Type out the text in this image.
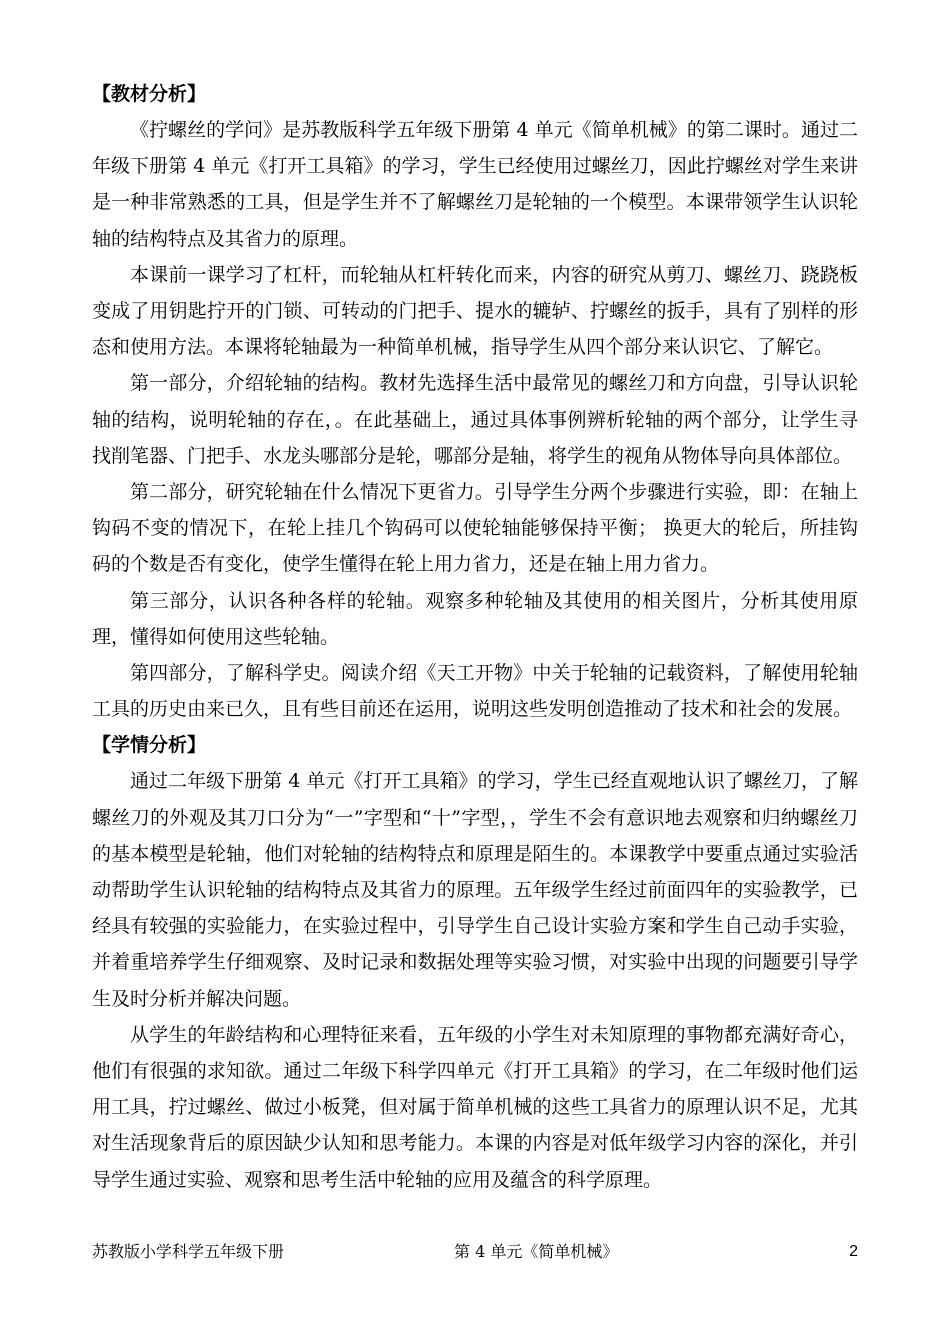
【教材分析】

《拧螺丝的学问》是苏教版科学五年级下册第 4 单元《简单机械》的第二课时。通过二年级下册第 4 单元《打开工具箱》的学习，学生已经使用过螺丝刀，因此拧螺丝对学生来讲是一种非常熟悉的工具，但是学生并不了解螺丝刀是轮轴的一个模型。本课带领学生认识轮轴的结构特点及其省力的原理。

本课前一课学习了杠杆，而轮轴从杠杆转化而来，内容的研究从剪刀、螺丝刀、跷跷板变成了用钥匙拧开的门锁、可转动的门把手、提水的辘轳、拧螺丝的扳手，具有了别样的形态和使用方法。本课将轮轴最为一种简单机械，指导学生从四个部分来认识它、了解它。

第一部分，介绍轮轴的结构。教材先选择生活中最常见的螺丝刀和方向盘，引导认识轮轴的结构，说明轮轴的存在，。在此基础上，通过具体事例辨析轮轴的两个部分，让学生寻找削笔器、门把手、水龙头哪部分是轮，哪部分是轴，将学生的视角从物体导向具体部位。

第二部分，研究轮轴在什么情况下更省力。引导学生分两个步骤进行实验，即：在轴上钩码不变的情况下，在轮上挂几个钩码可以使轮轴能够保持平衡； 换更大的轮后，所挂钩码的个数是否有变化，使学生懂得在轮上用力省力，还是在轴上用力省力。

第三部分，认识各种各样的轮轴。观察多种轮轴及其使用的相关图片，分析其使用原理，懂得如何使用这些轮轴。

第四部分，了解科学史。阅读介绍《天工开物》中关于轮轴的记载资料，了解使用轮轴工具的历史由来已久，且有些目前还在运用，说明这些发明创造推动了技术和社会的发展。

【学情分析】

通过二年级下册第 4 单元《打开工具箱》的学习，学生已经直观地认识了螺丝刀，了解螺丝刀的外观及其刀口分为“一”字型和“十”字型，，学生不会有意识地去观察和归纳螺丝刀的基本模型是轮轴，他们对轮轴的结构特点和原理是陌生的。本课教学中要重点通过实验活动帮助学生认识轮轴的结构特点及其省力的原理。五年级学生经过前面四年的实验教学，已经具有较强的实验能力，在实验过程中，引导学生自己设计实验方案和学生自己动手实验，并着重培养学生仔细观察、及时记录和数据处理等实验习惯，对实验中出现的问题要引导学生及时分析并解决问题。

从学生的年龄结构和心理特征来看，五年级的小学生对未知原理的事物都充满好奇心，他们有很强的求知欲。通过二年级下科学四单元《打开工具箱》的学习，在二年级时他们运用工具，拧过螺丝、做过小板凳，但对属于简单机械的这些工具省力的原理认识不足，尤其对生活现象背后的原因缺少认知和思考能力。本课的内容是对低年级学习内容的深化，并引导学生通过实验、观察和思考生活中轮轴的应用及蕴含的科学原理。

苏教版小学科学五年级下册	第 4 单元《简单机械》	2
